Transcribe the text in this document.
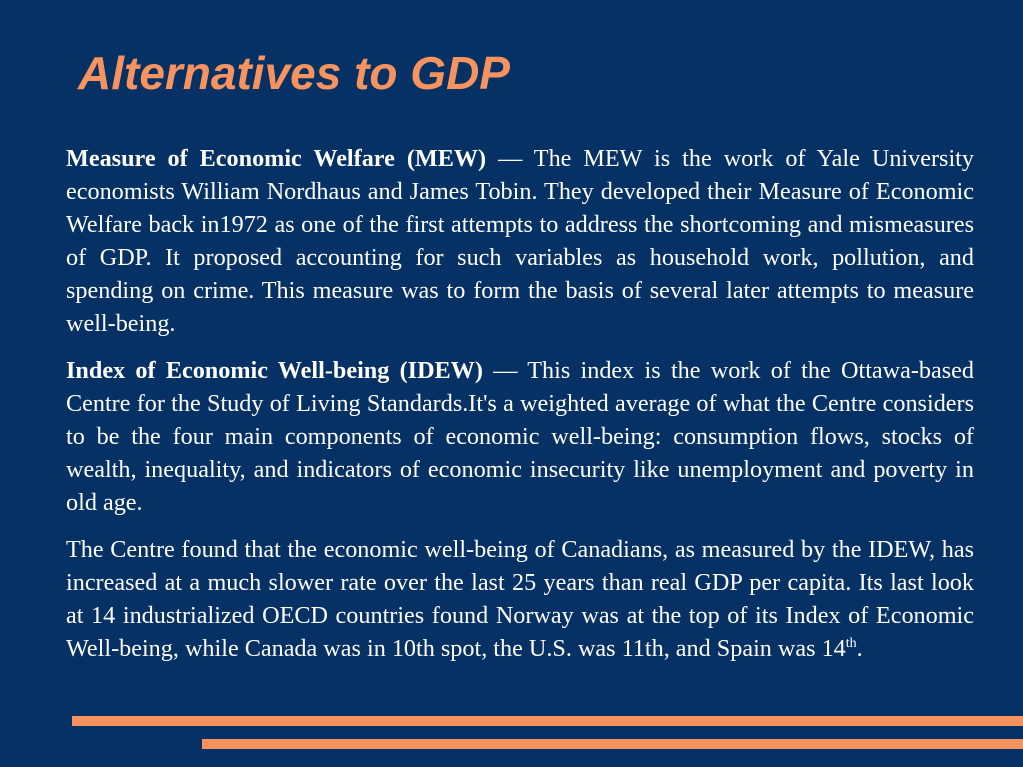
Alternatives to GDP

Measure of Economic Welfare (MEW) — The MEW is the work of Yale University economists William Nordhaus and James Tobin. They developed their Measure of Economic Welfare back in1972 as one of the first attempts to address the shortcoming and mismeasures of GDP. It proposed accounting for such variables as household work, pollution, and spending on crime. This measure was to form the basis of several later attempts to measure well-being.

Index of Economic Well-being (IDEW) — This index is the work of the Ottawa-based Centre for the Study of Living Standards.It's a weighted average of what the Centre considers to be the four main components of economic well-being: consumption flows, stocks of wealth, inequality, and indicators of economic insecurity like unemployment and poverty in old age.

The Centre found that the economic well-being of Canadians, as measured by the IDEW, has increased at a much slower rate over the last 25 years than real GDP per capita. Its last look at 14 industrialized OECD countries found Norway was at the top of its Index of Economic Well-being, while Canada was in 10th spot, the U.S. was 11th, and Spain was 14th.
